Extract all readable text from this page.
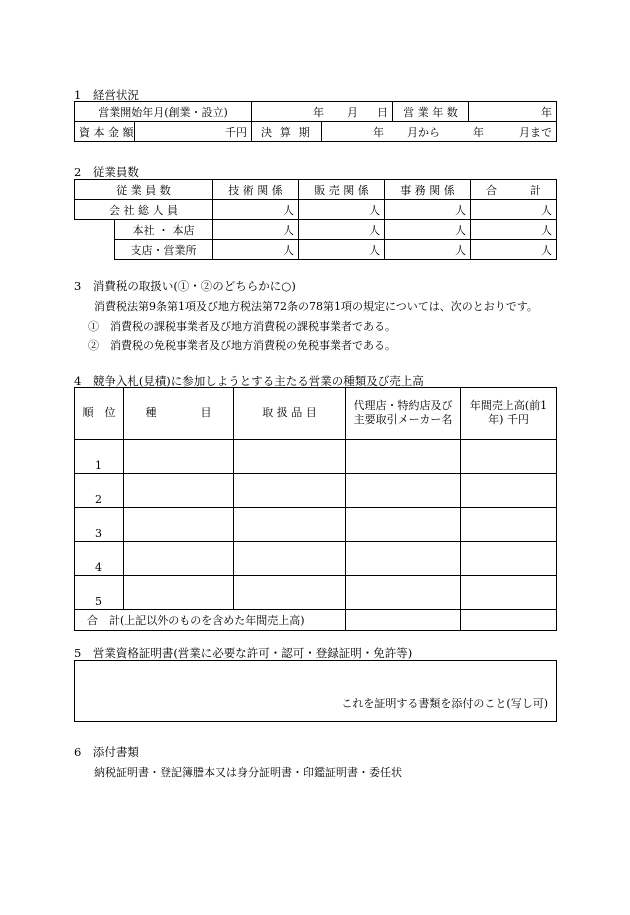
1　経営状況
営業開始年月(創業・設立)		年 月 日		営 業 年 数	年
資 本 金 額	千円	決 算 期	年 月から 年 月まで		
2　従業員数
従 業 員 数		技 術 関 係	販 売 関 係	事 務 関 係	合　　　計
会 社 総 人 員		人	人	人	人
	本社 ・ 本店	人	人	人	人
	支店・営業所	人	人	人	人
3　消費税の取扱い(①・②のどちらかに○)
消費税法第9条第1項及び地方税法第72条の78第1項の規定については、次のとおりです。
①　消費税の課税事業者及び地方消費税の課税事業者である。
②　消費税の免税事業者及び地方消費税の免税事業者である。
4　競争入札(見積)に参加しようとする主たる営業の種類及び売上高
順　位	種　　　　目	取 扱 品 目	代理店・特約店及び主要取引メーカー名	年間売上高(前1年) 千円
1				
2				
3				
4				
5				
合　計(上記以外のものを含めた年間売上高)				
5　営業資格証明書(営業に必要な許可・認可・登録証明・免許等)
これを証明する書類を添付のこと(写し可)
6　添付書類
納税証明書・登記簿謄本又は身分証明書・印鑑証明書・委任状
